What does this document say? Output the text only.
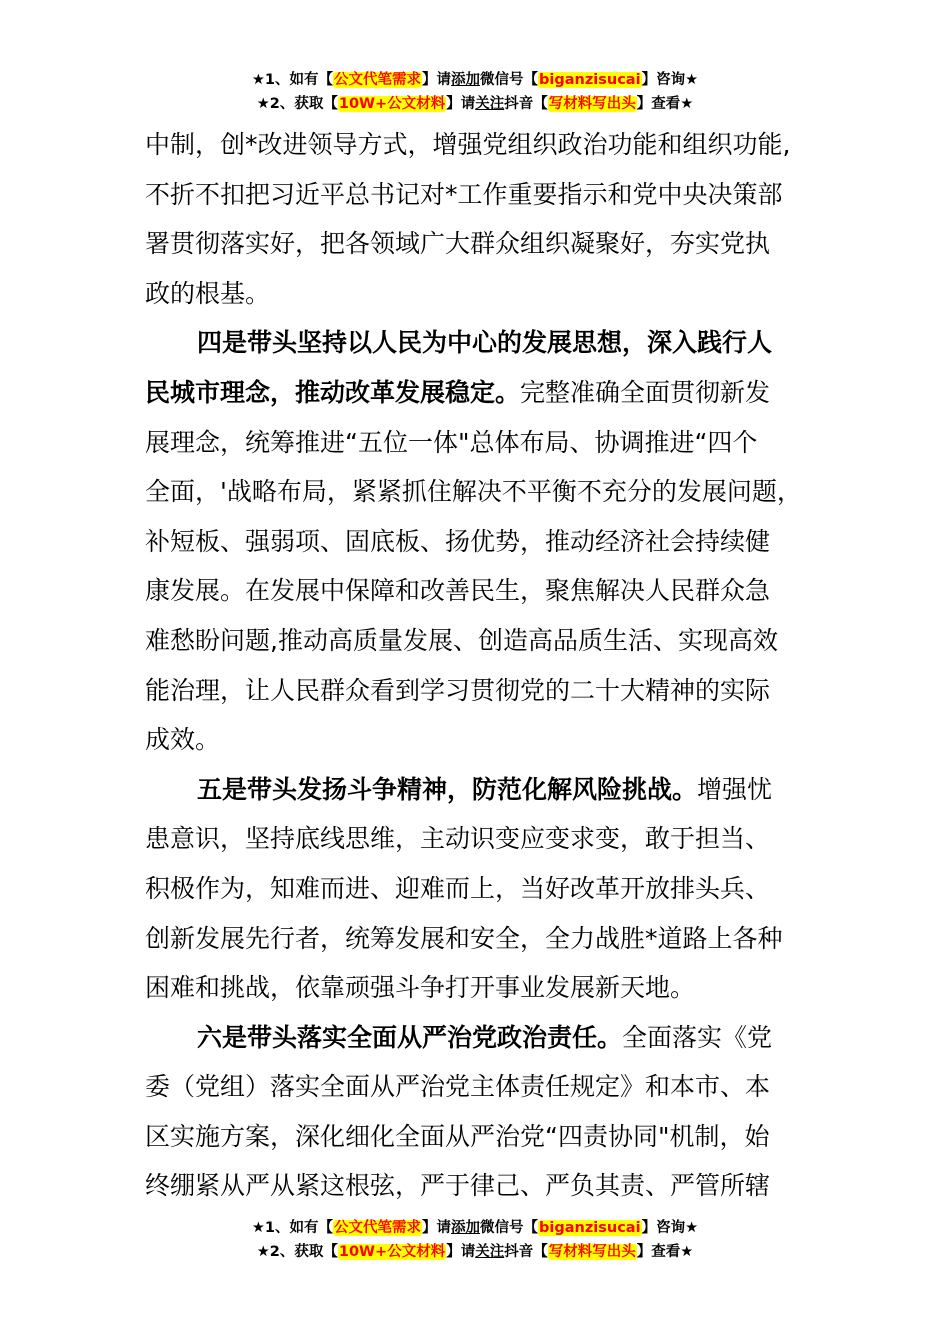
★1、如有【公文代笔需求】请添加微信号【biganzisucai】咨询★
★2、获取【10W+公文材料】请关注抖音【写材料写出头】查看★
中制，创*改进领导方式，增强党组织政治功能和组织功能,
不折不扣把习近平总书记对*工作重要指示和党中央决策部
署贯彻落实好，把各领域广大群众组织凝聚好，夯实党执
政的根基。
四是带头坚持以人民为中心的发展思想，深入践行人
民城市理念，推动改革发展稳定。完整准确全面贯彻新发
展理念，统筹推进“五位一体"总体布局、协调推进“四个
全面，'战略布局，紧紧抓住解决不平衡不充分的发展问题，
补短板、强弱项、固底板、扬优势，推动经济社会持续健
康发展。在发展中保障和改善民生，聚焦解决人民群众急
难愁盼问题,推动高质量发展、创造高品质生活、实现高效
能治理，让人民群众看到学习贯彻党的二十大精神的实际
成效。
五是带头发扬斗争精神，防范化解风险挑战。增强忧
患意识，坚持底线思维，主动识变应变求变，敢于担当、
积极作为，知难而进、迎难而上，当好改革开放排头兵、
创新发展先行者，统筹发展和安全，全力战胜*道路上各种
困难和挑战，依靠顽强斗争打开事业发展新天地。
六是带头落实全面从严治党政治责任。全面落实《党
委（党组）落实全面从严治党主体责任规定》和本市、本
区实施方案，深化细化全面从严治党“四责协同"机制，始
终绷紧从严从紧这根弦，严于律己、严负其责、严管所辖
★1、如有【公文代笔需求】请添加微信号【biganzisucai】咨询★
★2、获取【10W+公文材料】请关注抖音【写材料写出头】查看★
